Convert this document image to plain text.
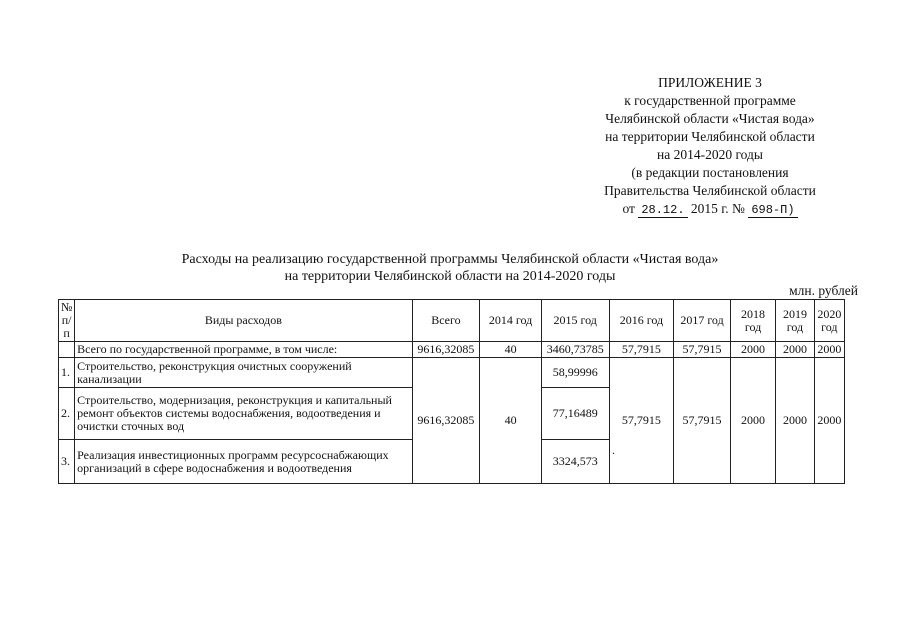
ПРИЛОЖЕНИЕ 3
к государственной программе
Челябинской области «Чистая вода»
на территории Челябинской области
на 2014-2020 годы
(в редакции постановления
Правительства Челябинской области
от 28.12. 2015 г. № 698-П)
Расходы на реализацию государственной программы Челябинской области «Чистая вода»
на территории Челябинской области на 2014-2020 годы
млн. рублей
№ п/п	Виды расходов	Всего	2014 год	2015 год	2016 год	2017 год	2018 год	2019 год	2020 год
	Всего по государственной программе, в том числе:	9616,32085	40	3460,73785	57,7915	57,7915	2000	2000	2000
1.	Строительство, реконструкция очистных сооружений канализации	9616,32085	40	58,99996	57,7915	57,7915	2000	2000	2000
2.	Строительство, модернизация, реконструкция и капитальный ремонт объектов системы водоснабжения, водоотведения и очистки сточных вод			77,16489					
3.	Реализация инвестиционных программ ресурсоснабжающих организаций в сфере водоснабжения и водоотведения			3324,573					
.
